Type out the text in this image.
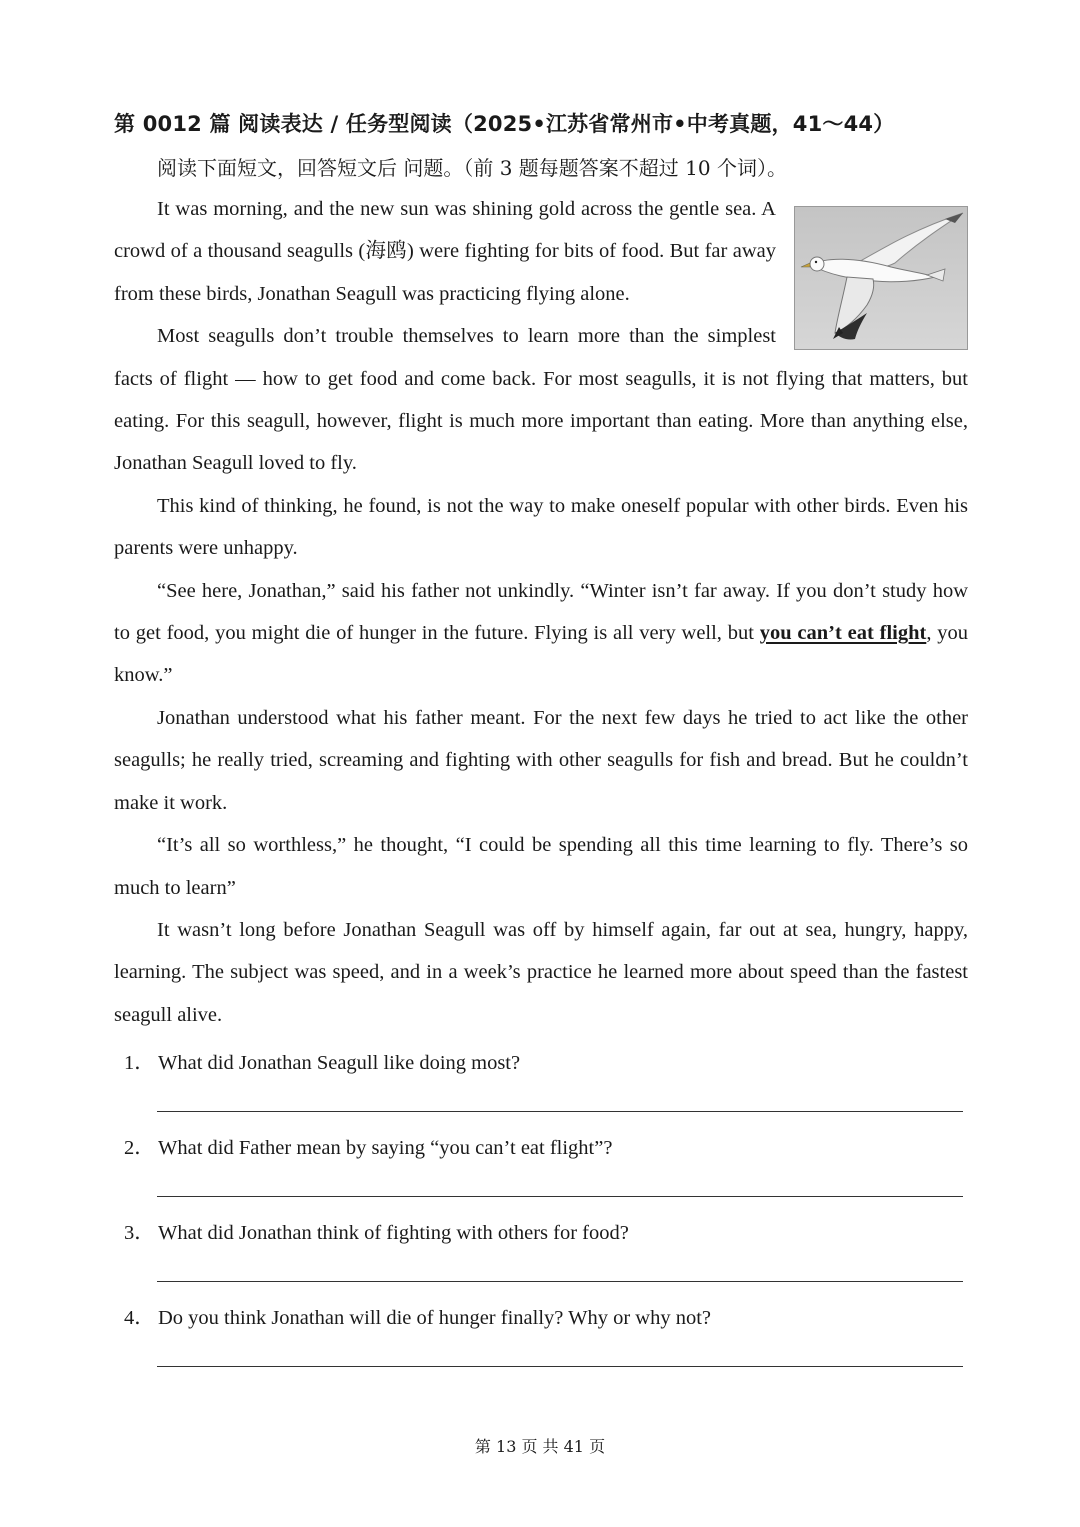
第 0012 篇 阅读表达 / 任务型阅读（2025•江苏省常州市•中考真题，41～44）
阅读下面短文，回答短文后 问题。（前 3 题每题答案不超过 10 个词）。

It was morning, and the new sun was shining gold across the gentle sea. A crowd of a thousand seagulls (海鸥) were fighting for bits of food. But far away from these birds, Jonathan Seagull was practicing flying alone.

Most seagulls don’t trouble themselves to learn more than the simplest facts of flight — how to get food and come back. For most seagulls, it is not flying that matters, but eating. For this seagull, however, flight is much more important than eating. More than anything else, Jonathan Seagull loved to fly.

This kind of thinking, he found, is not the way to make oneself popular with other birds. Even his parents were unhappy.

“See here, Jonathan,” said his father not unkindly. “Winter isn’t far away. If you don’t study how to get food, you might die of hunger in the future. Flying is all very well, but you can’t eat flight, you know.”

Jonathan understood what his father meant. For the next few days he tried to act like the other seagulls; he really tried, screaming and fighting with other seagulls for fish and bread. But he couldn’t make it work.

“It’s all so worthless,” he thought, “I could be spending all this time learning to fly. There’s so much to learn”

It wasn’t long before Jonathan Seagull was off by himself again, far out at sea, hungry, happy, learning. The subject was speed, and in a week’s practice he learned more about speed than the fastest seagull alive.

1． What did Jonathan Seagull like doing most?
2． What did Father mean by saying “you can’t eat flight”?
3． What did Jonathan think of fighting with others for food?
4． Do you think Jonathan will die of hunger finally? Why or why not?
第 13 页 共 41 页
